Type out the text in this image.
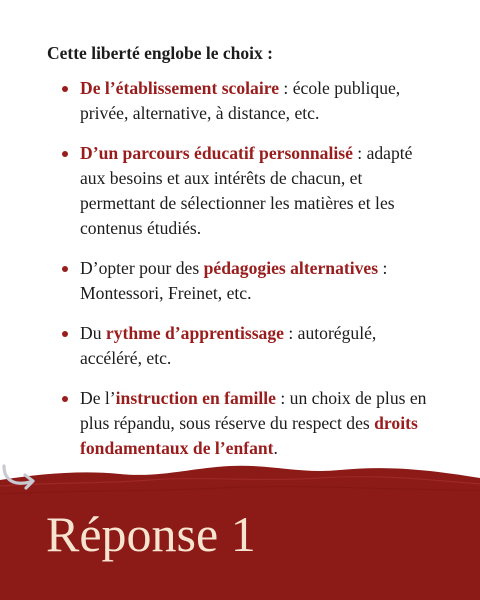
Cette liberté englobe le choix :

De l’établissement scolaire : école publique, privée, alternative, à distance, etc.
D’un parcours éducatif personnalisé : adapté aux besoins et aux intérêts de chacun, et permettant de sélectionner les matières et les contenus étudiés.
D’opter pour des pédagogies alternatives : Montessori, Freinet, etc.
Du rythme d’apprentissage : autorégulé, accéléré, etc.
De l’instruction en famille : un choix de plus en plus répandu, sous réserve du respect des droits fondamentaux de l’enfant.
Réponse 1
